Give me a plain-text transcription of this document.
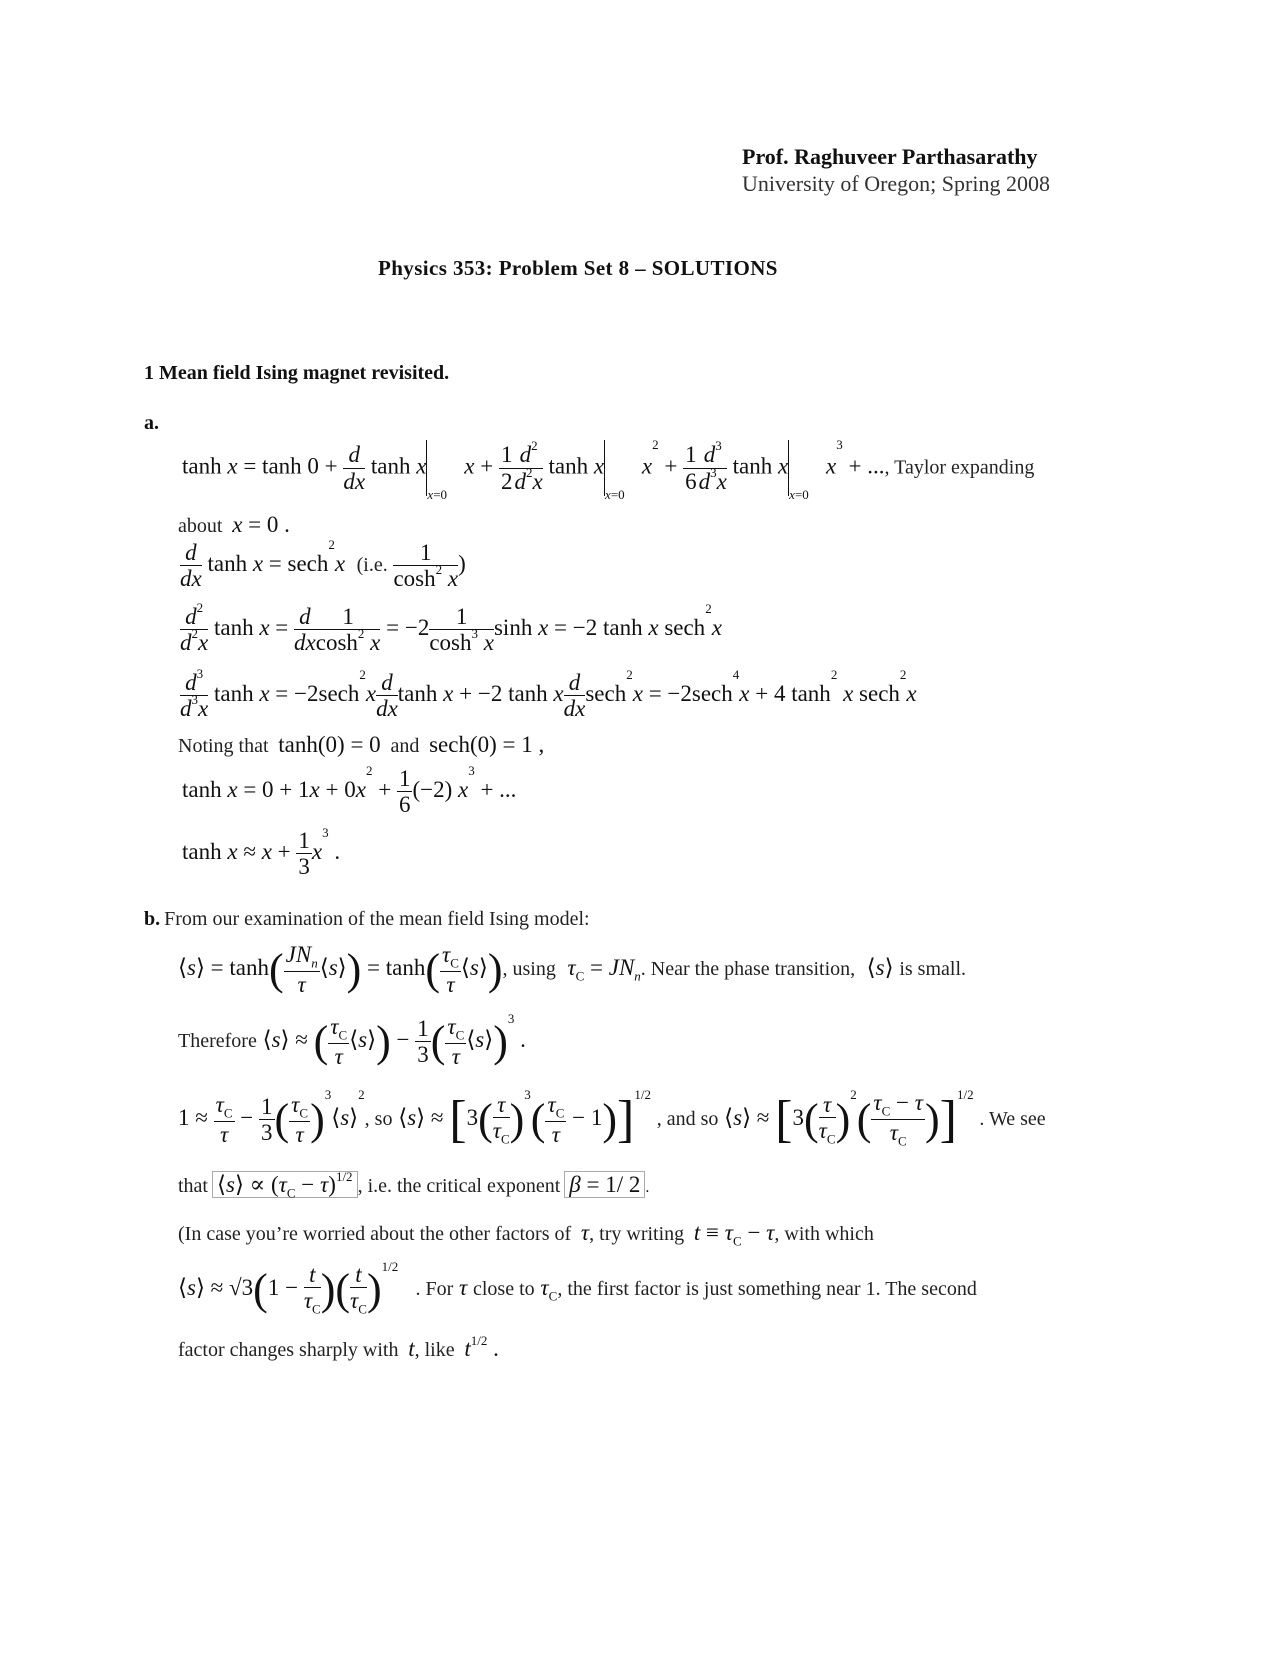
Prof. Raghuveer Parthasarathy
University of Oregon; Spring 2008
Physics 353: Problem Set 8 – SOLUTIONS
1 Mean field Ising magnet revisited.
a.
$\tanh x = \tanh 0 + \frac{d}{dx}$ $\tanh x_{x=0}$   $x + \frac{1}{2} \frac{d^2}{d^2x}$ $\tanh x_{x=0}$   $x^2 + \frac{1}{6} \frac{d^3}{d^3x}$ $\tanh x_{x=0}$   $x^3$ + ..., Taylor expanding
about x = 0 .
$\frac{d}{dx}$ tanh x = sech$^2$x (i.e. $\frac{1}{\cosh^2 x}$ )
$\frac{d^2}{d^2x}$ $\tanh x = \frac{d}{dx} \frac{1}{\cosh^2 x} = -2 \frac{1}{\cosh^3 x}$ sinh x = −2 tanh x sech$^2$x
$\frac{d^3}{d^3x}$ $\tanh x = -2\sec h^2x \frac{d}{dx}$ tanh x + −2 tanh x $\frac{d}{dx} \sec h^2x = -2\sec h^4x + 4$ $\tanh^2 x$ sech$^2$x
Noting that  tanh(0) = 0  and  sech(0) = 1 ,
$\tanh x = 0 + 1x + 0x^2 + \frac{1}{6} (-2) x^3$ + ...
$\tanh x \approx x + \frac{1}{3} x^3$ .
b. From our examination of the mean field Ising model:
⟨s⟩ = $\tanh( \frac{JN_n}{\tau}$ ⟨s⟩) = $\tanh( \frac{\tau_C}{\tau}$ ⟨s⟩), using $\tau_C = JN_n$. Near the phase transition,  ⟨s⟩ is small.
Therefore ⟨s⟩ ≈ ( $\frac{\tau_C}{\tau}$ ⟨s⟩) − $\frac{1}{3}$ ( $\frac{\tau_C}{\tau}$ ⟨s⟩)$^3$ .
$1 \approx \frac{\tau_C}{\tau} - \frac{1}{3}$ ( $\frac{\tau_C}{\tau}$ )$^3$⟨s⟩$^2$, so ⟨s⟩ ≈ $[3( \frac{\tau}{\tau_C} )^3( \frac{\tau_C}{\tau} - 1)]^{1/2}$ , and so ⟨s⟩ ≈ $[3( \frac{\tau}{\tau_C} )^2( \frac{\tau_C - \tau}{\tau_C} )]^{1/2}$ . We see
that ⟨s⟩ ∝ $(\tau_C - \tau)^{1/2}$ , i.e. the critical exponent β = 1/ 2 .
(In case you’re worried about the other factors of  τ, try writing $t \equiv \tau_C - \tau$, with which
⟨s⟩ ≈ $√3(1 - \frac{t}{\tau_C}$ )( $\frac{t}{\tau_C} )^{1/2}$   . For τ close to $\tau_C$, the first factor is just something near 1. The second
factor changes sharply with  t, like $t^{1/2}$ .
